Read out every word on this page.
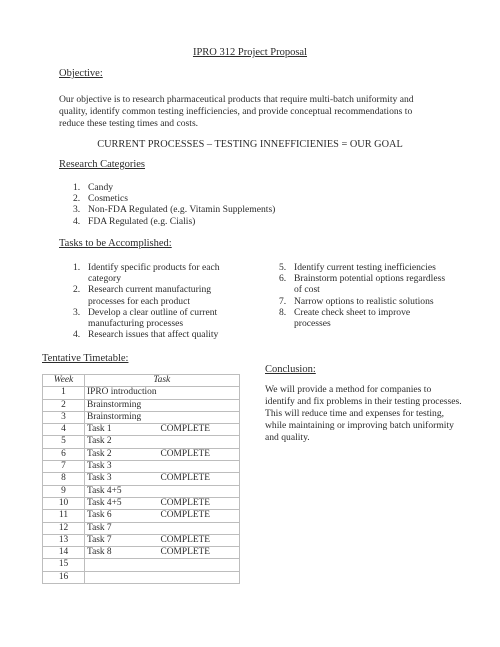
IPRO 312 Project Proposal
Objective:
Our objective is to research pharmaceutical products that require multi-batch uniformity and quality, identify common testing inefficiencies, and provide conceptual recommendations to reduce these testing times and costs.
CURRENT PROCESSES – TESTING INNEFFICIENIES = OUR GOAL
Research Categories
1. Candy
2. Cosmetics
3. Non-FDA Regulated (e.g. Vitamin Supplements)
4. FDA Regulated (e.g. Cialis)
Tasks to be Accomplished:
1. Identify specific products for each category
2. Research current manufacturing processes for each product
3. Develop a clear outline of current manufacturing processes
4. Research issues that affect quality
5. Identify current testing inefficiencies
6. Brainstorm potential options regardless of cost
7. Narrow options to realistic solutions
8. Create check sheet to improve processes
Tentative Timetable:
Week	Task	
1	IPRO introduction	
2	Brainstorming	
3	Brainstorming	
4	Task 1	COMPLETE
5	Task 2	
6	Task 2	COMPLETE
7	Task 3	
8	Task 3	COMPLETE
9	Task 4+5	
10	Task 4+5	COMPLETE
11	Task 6	COMPLETE
12	Task 7	
13	Task 7	COMPLETE
14	Task 8	COMPLETE
15		
16		
Conclusion:
We will provide a method for companies to identify and fix problems in their testing processes. This will reduce time and expenses for testing, while maintaining or improving batch uniformity and quality.
